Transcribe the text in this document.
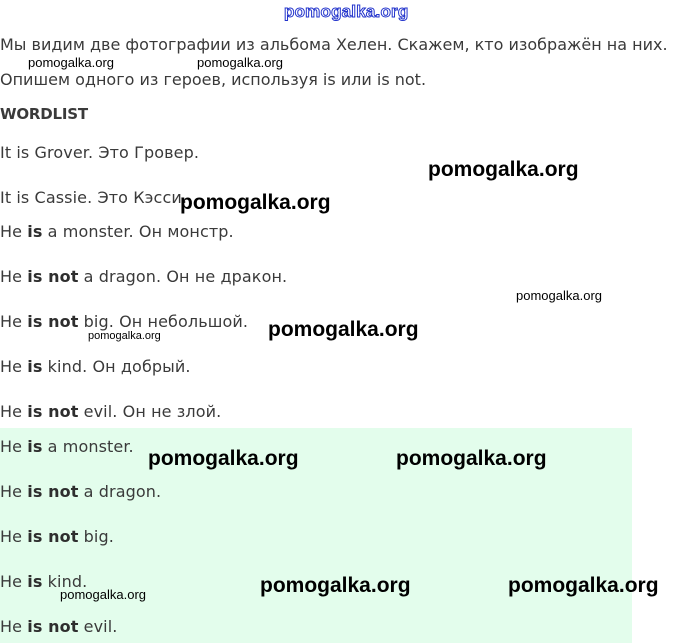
Мы видим две фотографии из альбома Хелен. Скажем, кто изображён на них.
Опишем одного из героев, используя is или is not.
WORDLIST
It is Grover. Это Гровер.
It is Cassie. Это Кэсси.
He is a monster. Он монстр.
He is not a dragon. Он не дракон.
He is not big. Он небольшой.
He is kind. Он добрый.
He is not evil. Он не злой.
He is a monster.
He is not a dragon.
He is not big.
He is kind.
He is not evil.
pomogalka.org
pomogalka.org	pomogalka.org
pomogalka.org
pomogalka.org
pomogalka.org
pomogalka.org
pomogalka.org
pomogalka.org	pomogalka.org
pomogalka.org	pomogalka.org
pomogalka.org
